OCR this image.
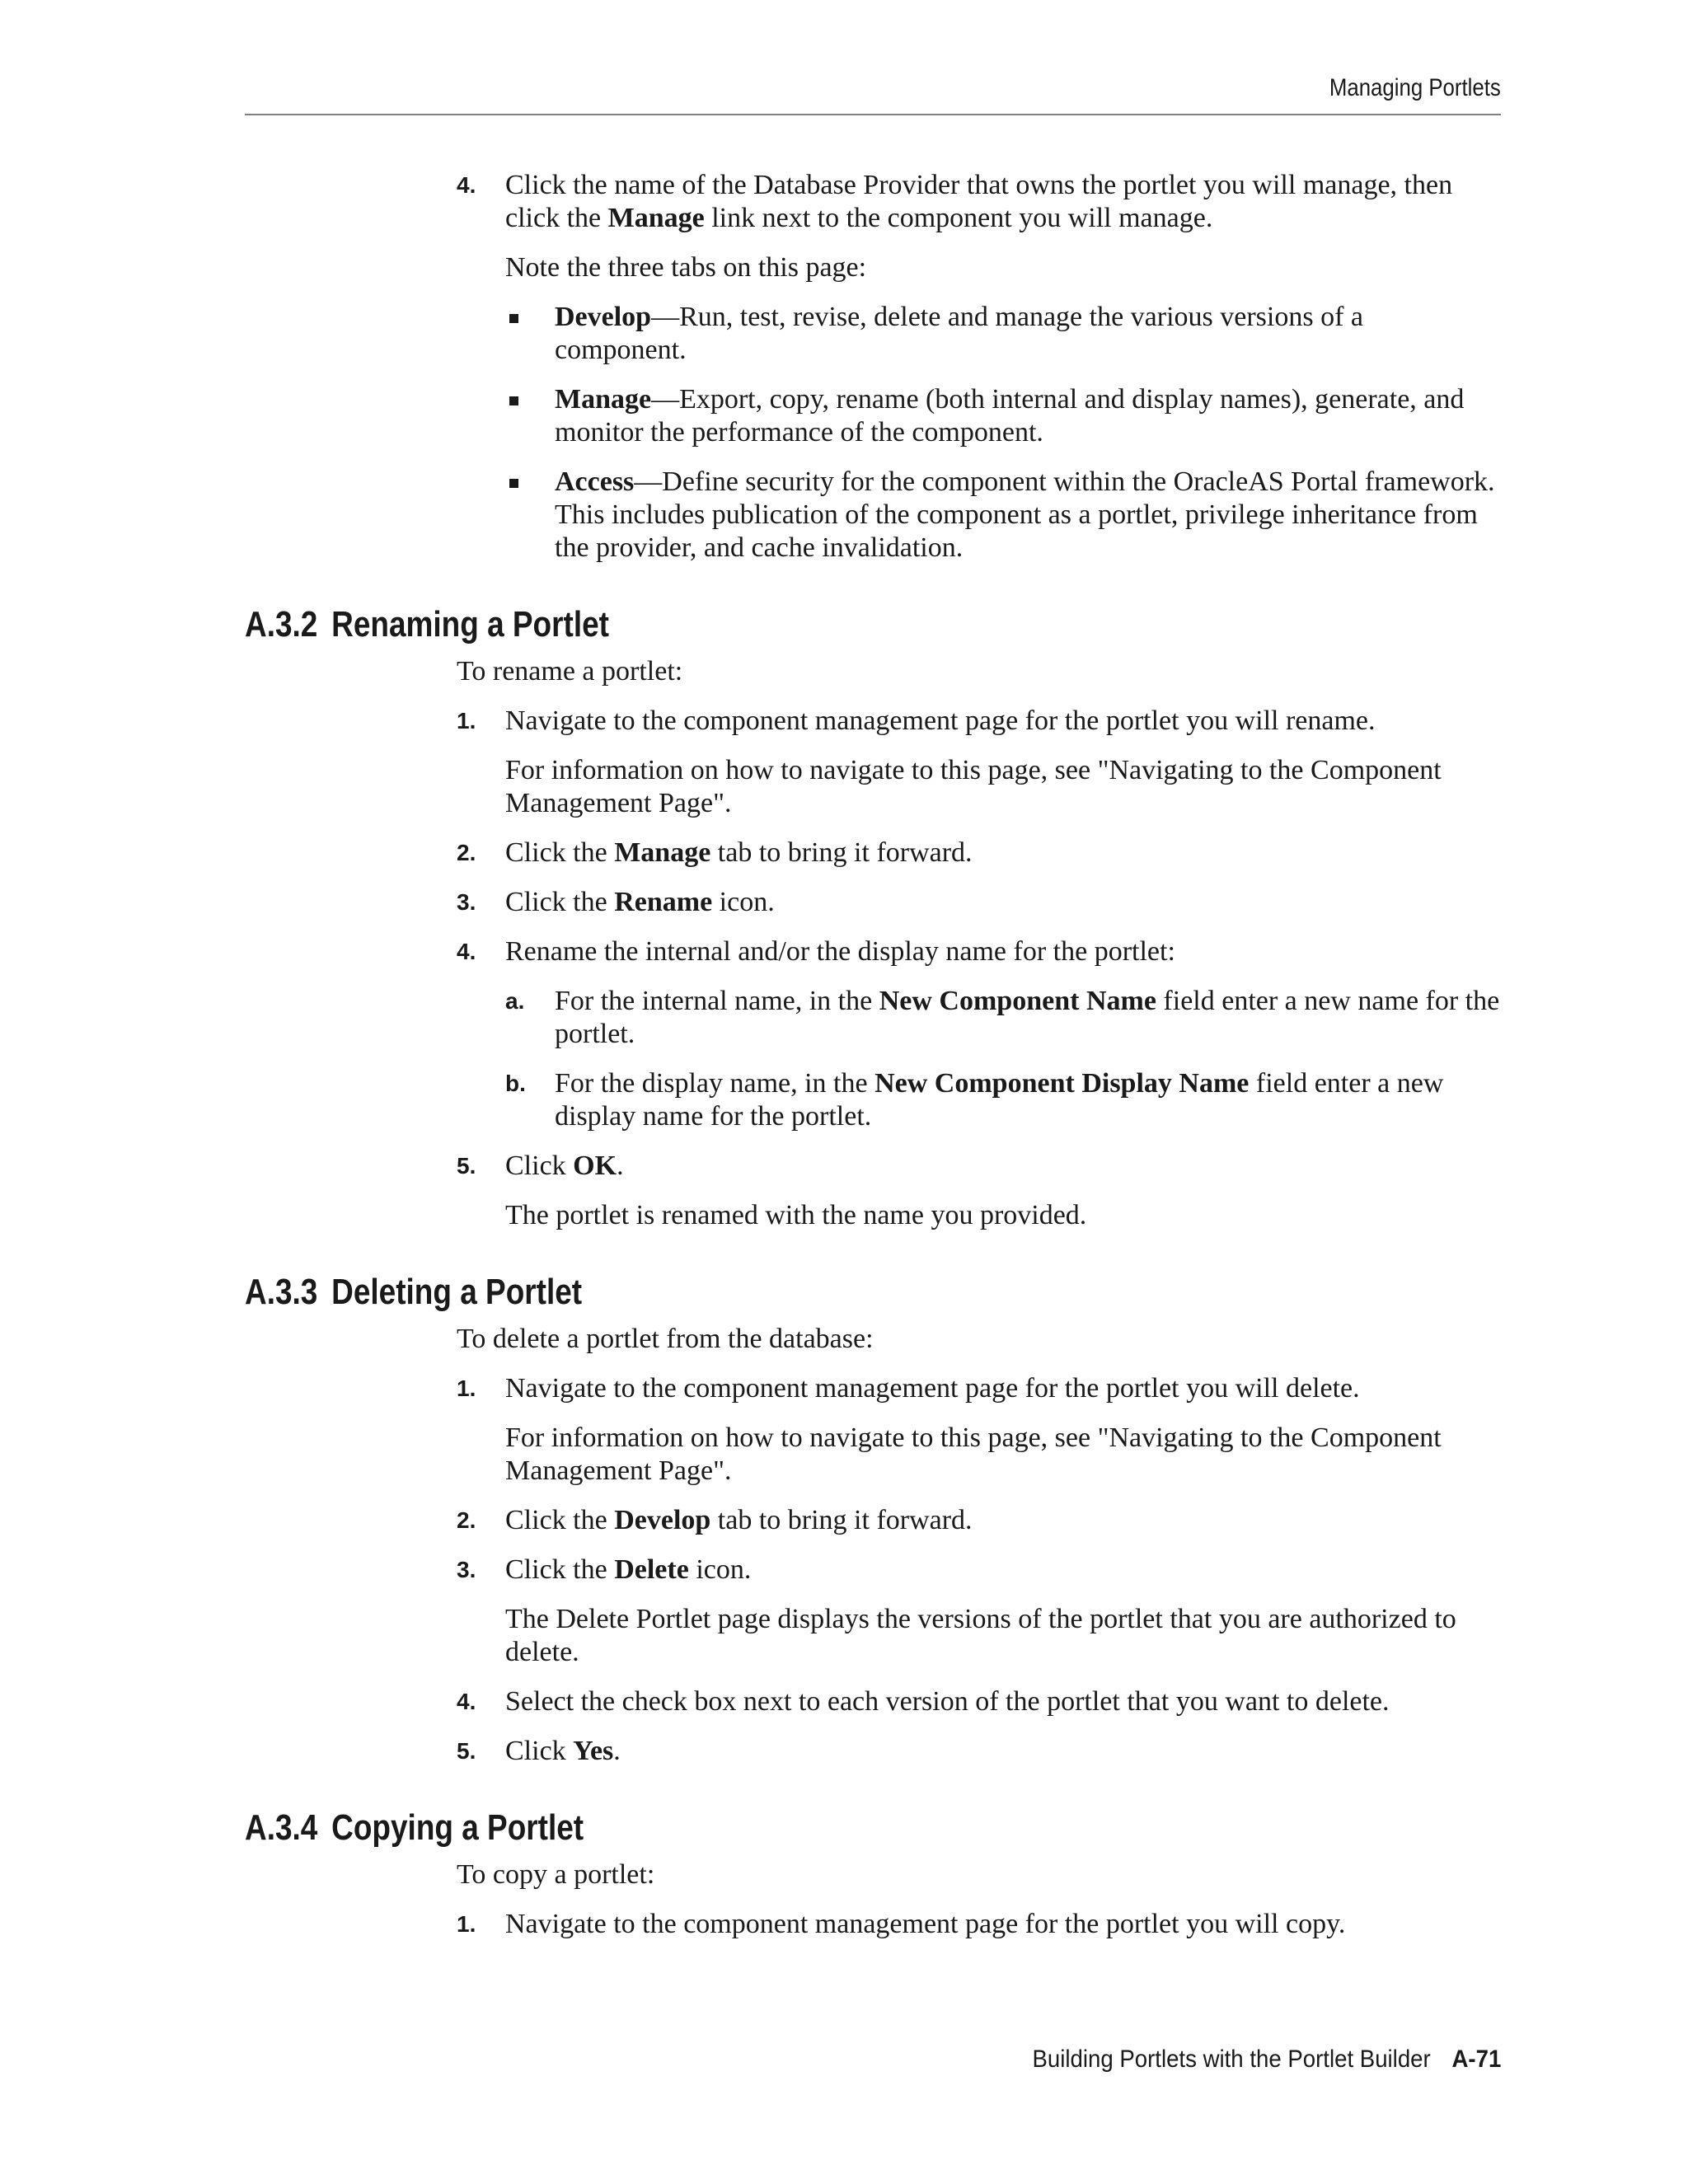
Managing Portlets
4. Click the name of the Database Provider that owns the portlet you will manage, then click the Manage link next to the component you will manage.
Note the three tabs on this page:
Develop—Run, test, revise, delete and manage the various versions of a component.
Manage—Export, copy, rename (both internal and display names), generate, and monitor the performance of the component.
Access—Define security for the component within the OracleAS Portal framework. This includes publication of the component as a portlet, privilege inheritance from the provider, and cache invalidation.
A.3.2 Renaming a Portlet
To rename a portlet:
1. Navigate to the component management page for the portlet you will rename.
For information on how to navigate to this page, see "Navigating to the Component Management Page".
2. Click the Manage tab to bring it forward.
3. Click the Rename icon.
4. Rename the internal and/or the display name for the portlet:
a. For the internal name, in the New Component Name field enter a new name for the portlet.
b. For the display name, in the New Component Display Name field enter a new display name for the portlet.
5. Click OK.
The portlet is renamed with the name you provided.
A.3.3 Deleting a Portlet
To delete a portlet from the database:
1. Navigate to the component management page for the portlet you will delete.
For information on how to navigate to this page, see "Navigating to the Component Management Page".
2. Click the Develop tab to bring it forward.
3. Click the Delete icon.
The Delete Portlet page displays the versions of the portlet that you are authorized to delete.
4. Select the check box next to each version of the portlet that you want to delete.
5. Click Yes.
A.3.4 Copying a Portlet
To copy a portlet:
1. Navigate to the component management page for the portlet you will copy.
Building Portlets with the Portlet Builder A-71
